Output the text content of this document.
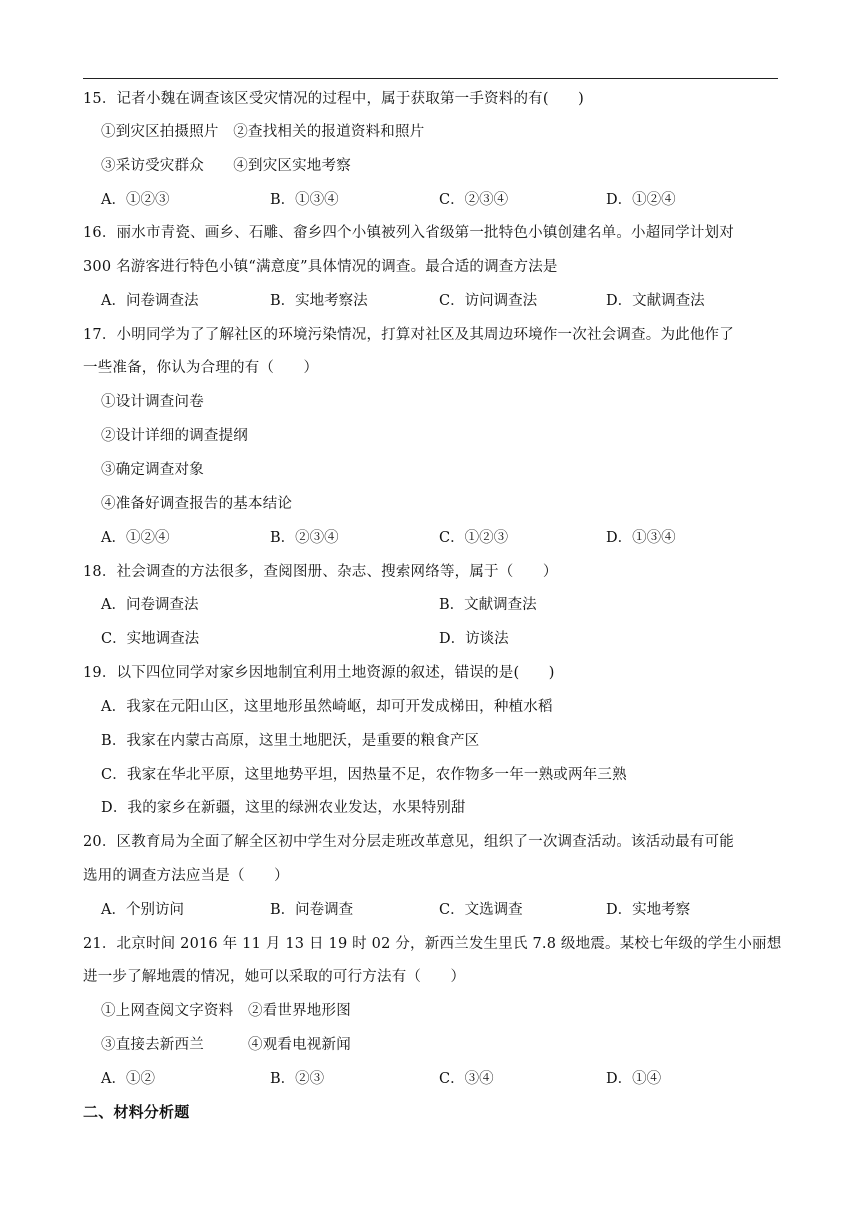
15．记者小魏在调查该区受灾情况的过程中，属于获取第一手资料的有(　　)
①到灾区拍摄照片　②查找相关的报道资料和照片
③采访受灾群众　　④到灾区实地考察
A．①②③	B．①③④	C．②③④	D．①②④
16．丽水市青瓷、画乡、石雕、畲乡四个小镇被列入省级第一批特色小镇创建名单。小超同学计划对
300 名游客进行特色小镇“满意度”具体情况的调查。最合适的调查方法是
A．问卷调查法	B．实地考察法	C．访问调查法	D．文献调查法
17．小明同学为了了解社区的环境污染情况，打算对社区及其周边环境作一次社会调查。为此他作了
一些准备，你认为合理的有（　　）
①设计调查问卷
②设计详细的调查提纲
③确定调查对象
④准备好调查报告的基本结论
A．①②④	B．②③④	C．①②③	D．①③④
18．社会调查的方法很多，查阅图册、杂志、搜索网络等，属于（　　）
A．问卷调查法	B．文献调查法
C．实地调查法	D．访谈法
19．以下四位同学对家乡因地制宜利用土地资源的叙述，错误的是(　　)
A．我家在元阳山区，这里地形虽然崎岖，却可开发成梯田，种植水稻
B．我家在内蒙古高原，这里土地肥沃，是重要的粮食产区
C．我家在华北平原，这里地势平坦，因热量不足，农作物多一年一熟或两年三熟
D．我的家乡在新疆，这里的绿洲农业发达，水果特别甜
20．区教育局为全面了解全区初中学生对分层走班改革意见，组织了一次调查活动。该活动最有可能
选用的调查方法应当是（　　）
A．个别访问	B．问卷调查	C．文选调查	D．实地考察
21．北京时间 2016 年 11 月 13 日 19 时 02 分，新西兰发生里氏 7.8 级地震。某校七年级的学生小丽想
进一步了解地震的情况，她可以采取的可行方法有（　　）
①上网查阅文字资料　②看世界地形图
③直接去新西兰　　　④观看电视新闻
A．①②	B．②③	C．③④	D．①④
二、材料分析题
